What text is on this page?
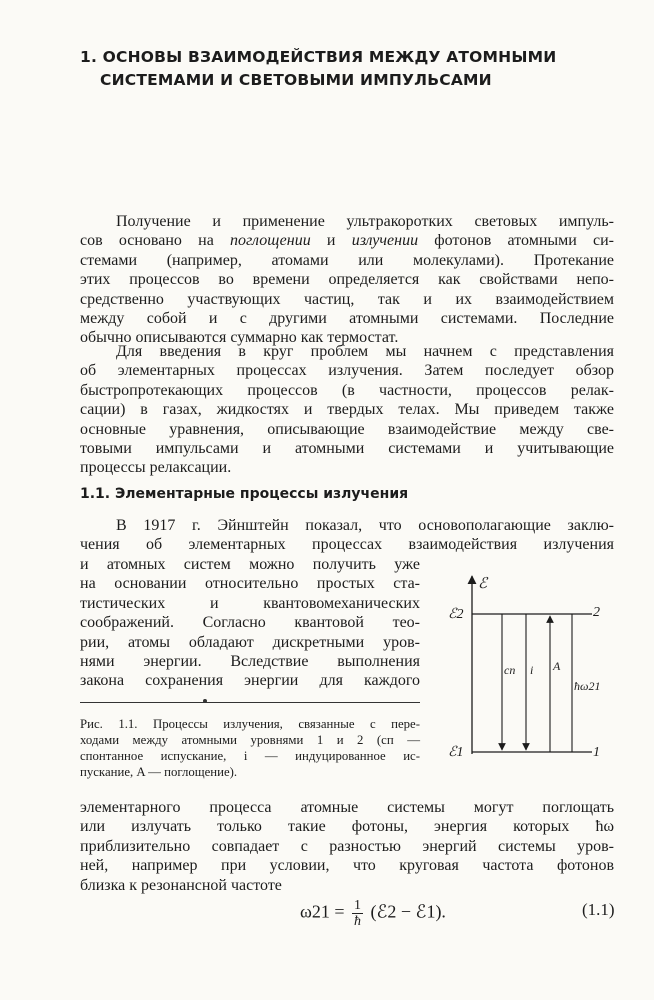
1. ОСНОВЫ ВЗАИМОДЕЙСТВИЯ МЕЖДУ АТОМНЫМИ
СИСТЕМАМИ И СВЕТОВЫМИ ИМПУЛЬСАМИ
Получение и применение ультракоротких световых импуль-
сов основано на поглощении и излучении фотонов атомными си-
стемами (например, атомами или молекулами). Протекание
этих процессов во времени определяется как свойствами непо-
средственно участвующих частиц, так и их взаимодействием
между собой и с другими атомными системами. Последние
обычно описываются суммарно как термостат.
Для введения в круг проблем мы начнем с представления
об элементарных процессах излучения. Затем последует обзор
быстропротекающих процессов (в частности, процессов релак-
сации) в газах, жидкостях и твердых телах. Мы приведем также
основные уравнения, описывающие взаимодействие между све-
товыми импульсами и атомными системами и учитывающие
процессы релаксации.
1.1. Элементарные процессы излучения
В 1917 г. Эйнштейн показал, что основополагающие заклю-
чения об элементарных процессах взаимодействия излучения
и атомных систем можно получить уже
на основании относительно простых ста-
тистических и квантовомеханических
соображений. Согласно квантовой тео-
рии, атомы обладают дискретными уров-
нями энергии. Вследствие выполнения
закона сохранения энергии для каждого
Рис. 1.1. Процессы излучения, связанные с пере-
ходами между атомными уровнями 1 и 2 (сп —
спонтанное испускание, i — индуцированное ис-
пускание, A — поглощение).
ℰ
ℰ2
ℰ1
2
1
сп i A
ħω21
элементарного процесса атомные системы могут поглощать
или излучать только такие фотоны, энергия которых ħω
приблизительно совпадает с разностью энергий системы уров-
ней, например при условии, что круговая частота фотонов
близка к резонансной частоте
$\omega 21 = \frac{1}{ħ}$ (ℰ2 − ℰ1).	(1.1)
